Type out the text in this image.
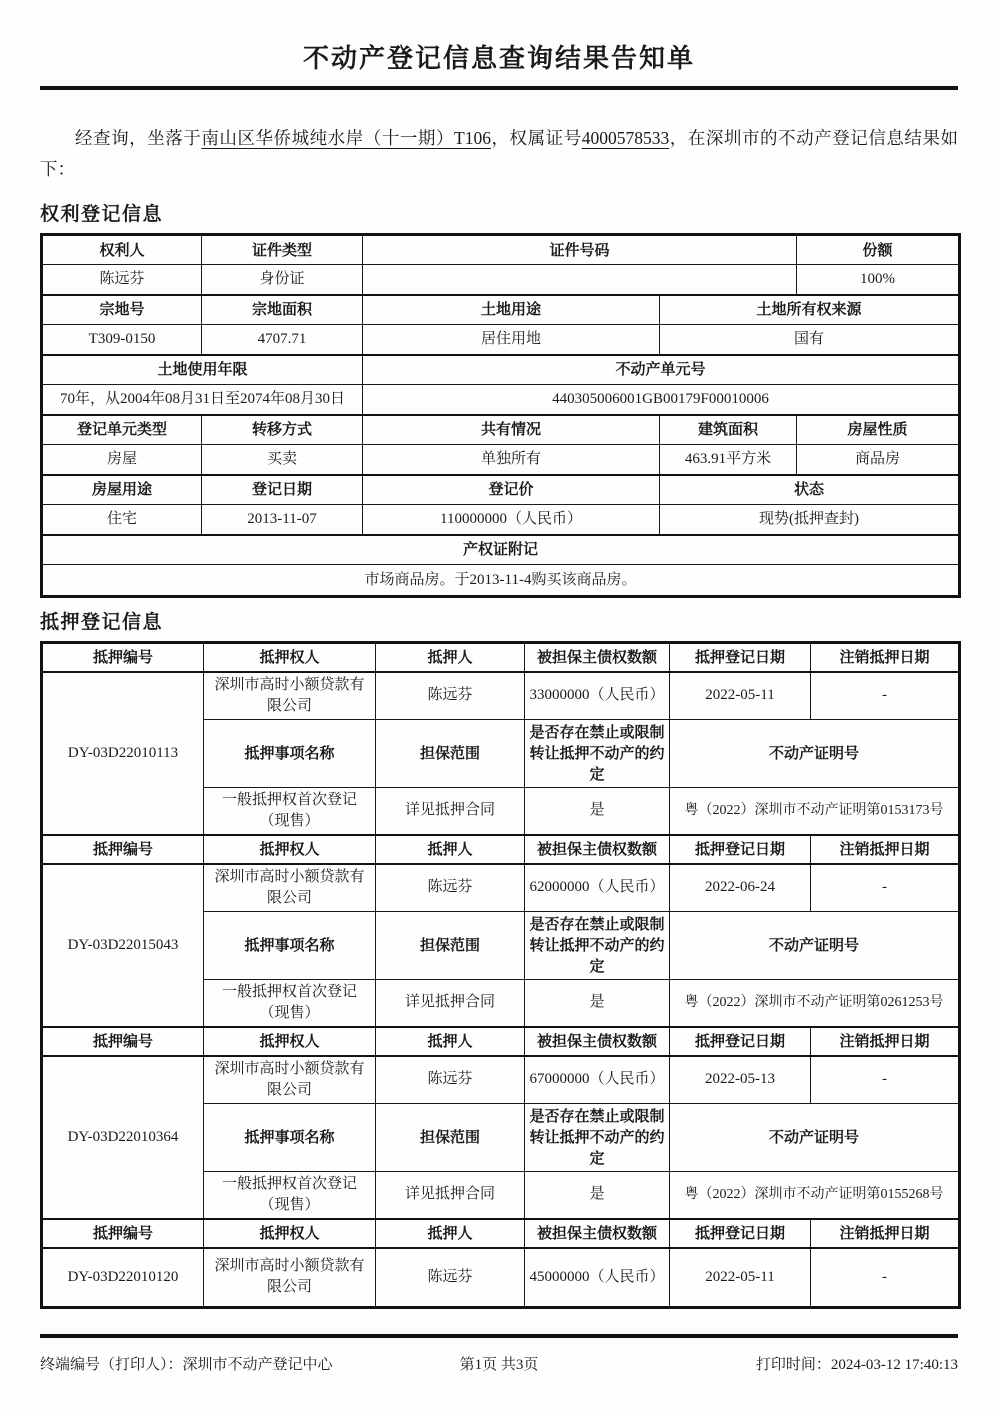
不动产登记信息查询结果告知单

经查询，坐落于南山区华侨城纯水岸（十一期）T106，权属证号4000578533，在深圳市的不动产登记信息结果如下：

权利登记信息
权利人	证件类型	证件号码		份额
陈远芬	身份证			100%
宗地号	宗地面积	土地用途	土地所有权来源	
T309-0150	4707.71	居住用地	国有	
土地使用年限		不动产单元号		
70年，从2004年08月31日至2074年08月30日		440305006001GB00179F00010006		
登记单元类型	转移方式	共有情况	建筑面积	房屋性质
房屋	买卖	单独所有	463.91平方米	商品房
房屋用途	登记日期	登记价	状态	
住宅	2013-11-07	110000000（人民币）	现势(抵押查封)	
产权证附记				
市场商品房。于2013-11-4购买该商品房。				
抵押登记信息
抵押编号	抵押权人	抵押人	被担保主债权数额	抵押登记日期	注销抵押日期
DY-03D22010113	深圳市高时小额贷款有限公司	陈远芬	33000000（人民币）	2022-05-11	-
	抵押事项名称	担保范围	是否存在禁止或限制转让抵押不动产的约定	不动产证明号	
	一般抵押权首次登记（现售）	详见抵押合同	是	粤（2022）深圳市不动产证明第0153173号	
抵押编号	抵押权人	抵押人	被担保主债权数额	抵押登记日期	注销抵押日期
DY-03D22015043	深圳市高时小额贷款有限公司	陈远芬	62000000（人民币）	2022-06-24	-
	抵押事项名称	担保范围	是否存在禁止或限制转让抵押不动产的约定	不动产证明号	
	一般抵押权首次登记（现售）	详见抵押合同	是	粤（2022）深圳市不动产证明第0261253号	
抵押编号	抵押权人	抵押人	被担保主债权数额	抵押登记日期	注销抵押日期
DY-03D22010364	深圳市高时小额贷款有限公司	陈远芬	67000000（人民币）	2022-05-13	-
	抵押事项名称	担保范围	是否存在禁止或限制转让抵押不动产的约定	不动产证明号	
	一般抵押权首次登记（现售）	详见抵押合同	是	粤（2022）深圳市不动产证明第0155268号	
抵押编号	抵押权人	抵押人	被担保主债权数额	抵押登记日期	注销抵押日期
DY-03D22010120	深圳市高时小额贷款有限公司	陈远芬	45000000（人民币）	2022-05-11	-
终端编号（打印人）：深圳市不动产登记中心	第1页 共3页	打印时间：2024-03-12 17:40:13
